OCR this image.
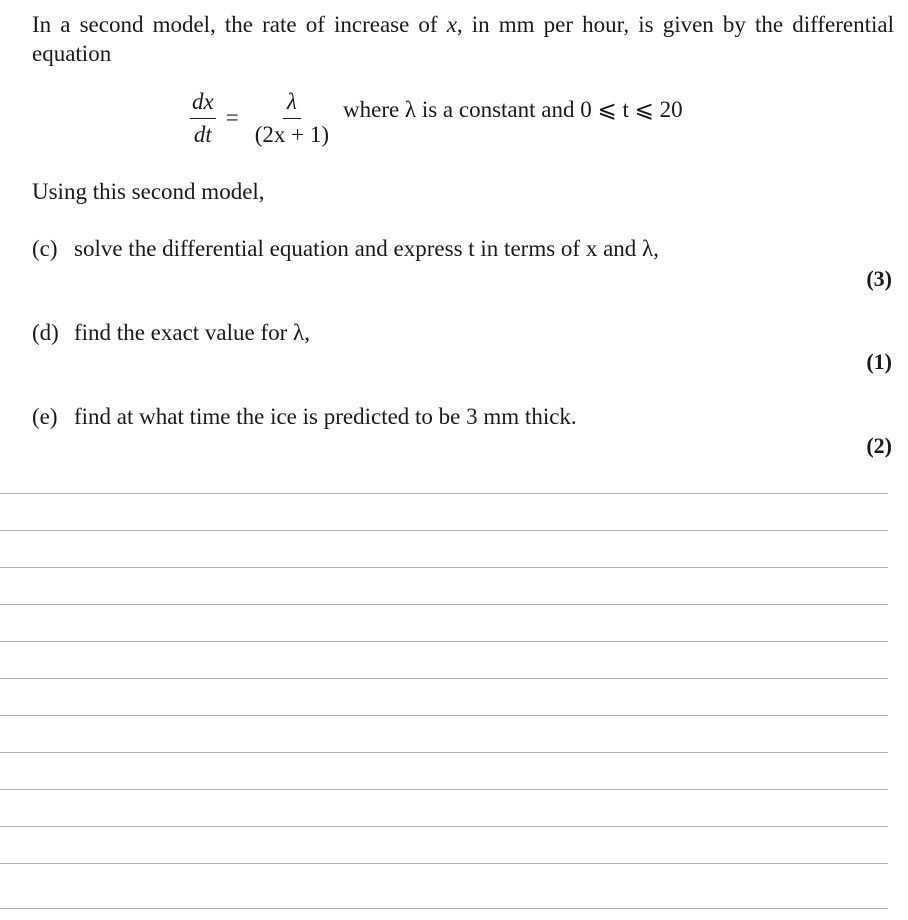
In a second model, the rate of increase of x, in mm per hour, is given by the differential equation
$\frac{dx}{dt} = \frac{\lambda}{(2x + 1)}$ where λ is a constant and 0 ⩽ t ⩽ 20
Using this second model,
(c) solve the differential equation and express t in terms of x and λ,
(3)
(d) find the exact value for λ,
(1)
(e) find at what time the ice is predicted to be 3 mm thick.
(2)
